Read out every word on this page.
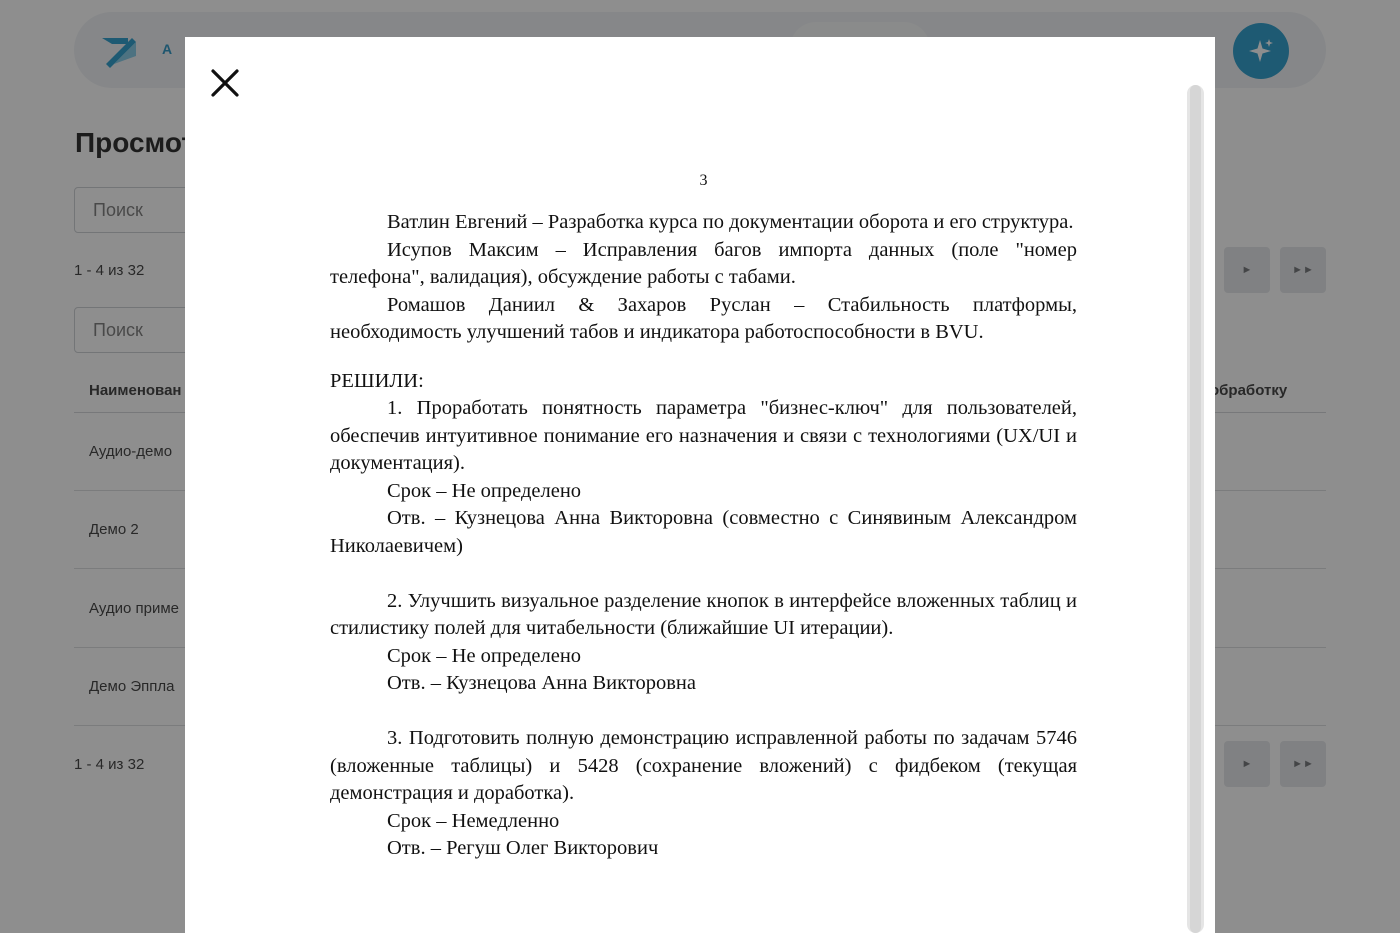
Поиск
Поиск
3

Ватлин Евгений – Разработка курса по документации оборота и его структура.

Исупов Максим – Исправления багов импорта данных (поле "номер телефона", валидация), обсуждение работы с табами.

Ромашов Даниил & Захаров Руслан – Стабильность платформы, необходимость улучшений табов и индикатора работоспособности в BVU.

РЕШИЛИ:

1. Проработать понятность параметра "бизнес-ключ" для пользователей, обеспечив интуитивное понимание его назначения и связи с технологиями (UX/UI и документация).

Срок – Не определено

Отв. – Кузнецова Анна Викторовна (совместно с Синявиным Александром Николаевичем)

2. Улучшить визуальное разделение кнопок в интерфейсе вложенных таблиц и стилистику полей для читабельности (ближайшие UI итерации).

Срок – Не определено

Отв. – Кузнецова Анна Викторовна

3. Подготовить полную демонстрацию исправленной работы по задачам 5746 (вложенные таблицы) и 5428 (сохранение вложений) с фидбеком (текущая демонстрация и доработка).

Срок – Немедленно

Отв. – Регуш Олег Викторович
